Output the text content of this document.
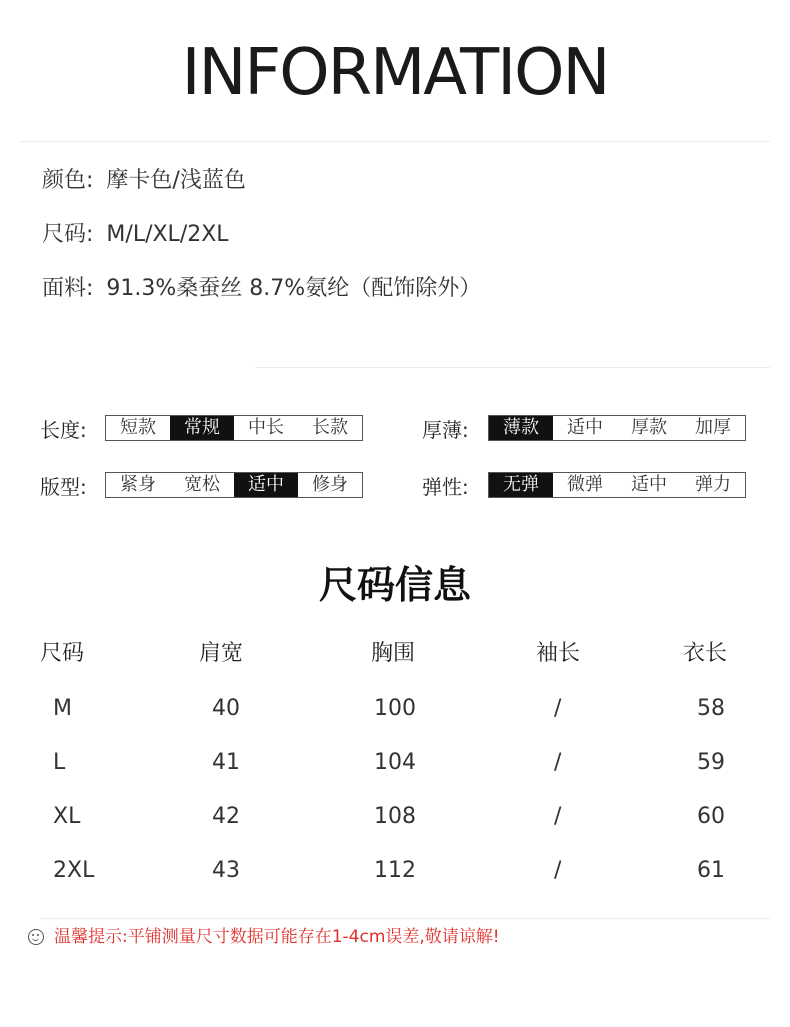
INFORMATION
颜色: 摩卡色/浅蓝色
尺码: M/L/XL/2XL
面料: 91.3%桑蚕丝 8.7%氨纶（配饰除外）
长度:	短款	常规	中长	长款	厚薄:	薄款	适中	厚款	加厚
版型:	紧身	宽松	适中	修身	弹性:	无弹	微弹	适中	弹力
尺码信息
尺码	肩宽	胸围	袖长	衣长
M	40	100	/	58
L	41	104	/	59
XL	42	108	/	60
2XL	43	112	/	61
温馨提示:平铺测量尺寸数据可能存在1-4cm误差,敬请谅解!
